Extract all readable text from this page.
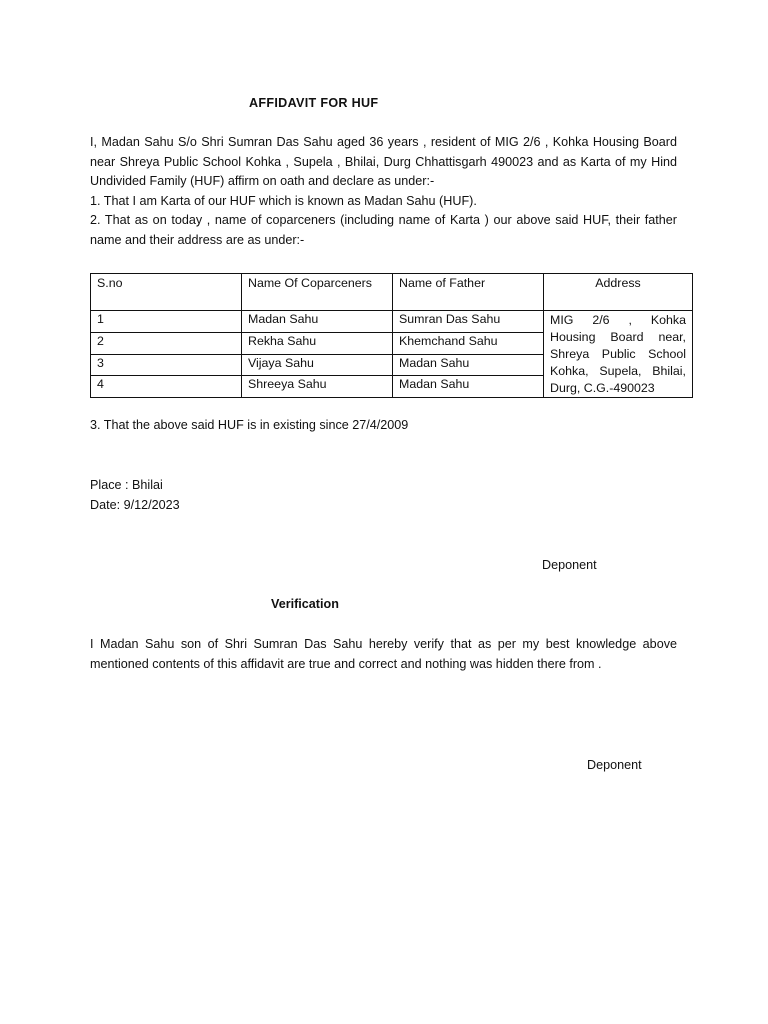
AFFIDAVIT FOR HUF

I, Madan Sahu S/o Shri Sumran Das Sahu aged 36 years , resident of MIG 2/6 , Kohka Housing Board near Shreya Public School Kohka , Supela , Bhilai, Durg Chhattisgarh 490023 and as Karta of my Hind Undivided Family (HUF) affirm on oath and declare as under:-

1. That I am Karta of our HUF which is known as Madan Sahu (HUF).

2. That as on today , name of coparceners (including name of Karta ) our above said HUF, their father name and their address are as under:-

S.no	Name Of Coparceners	Name of Father	Address
1	Madan Sahu	Sumran Das Sahu	MIG 2/6 , Kohka Housing Board near, Shreya Public School Kohka, Supela, Bhilai, Durg, C.G.-490023
2	Rekha Sahu	Khemchand Sahu	
3	Vijaya Sahu	Madan Sahu	
4	Shreeya Sahu	Madan Sahu	
3. That the above said HUF is in existing since 27/4/2009
Place : Bhilai
Date: 9/12/2023
Deponent
Verification

I Madan Sahu son of Shri Sumran Das Sahu hereby verify that as per my best knowledge above mentioned contents of this affidavit are true and correct and nothing was hidden there from .

Deponent
